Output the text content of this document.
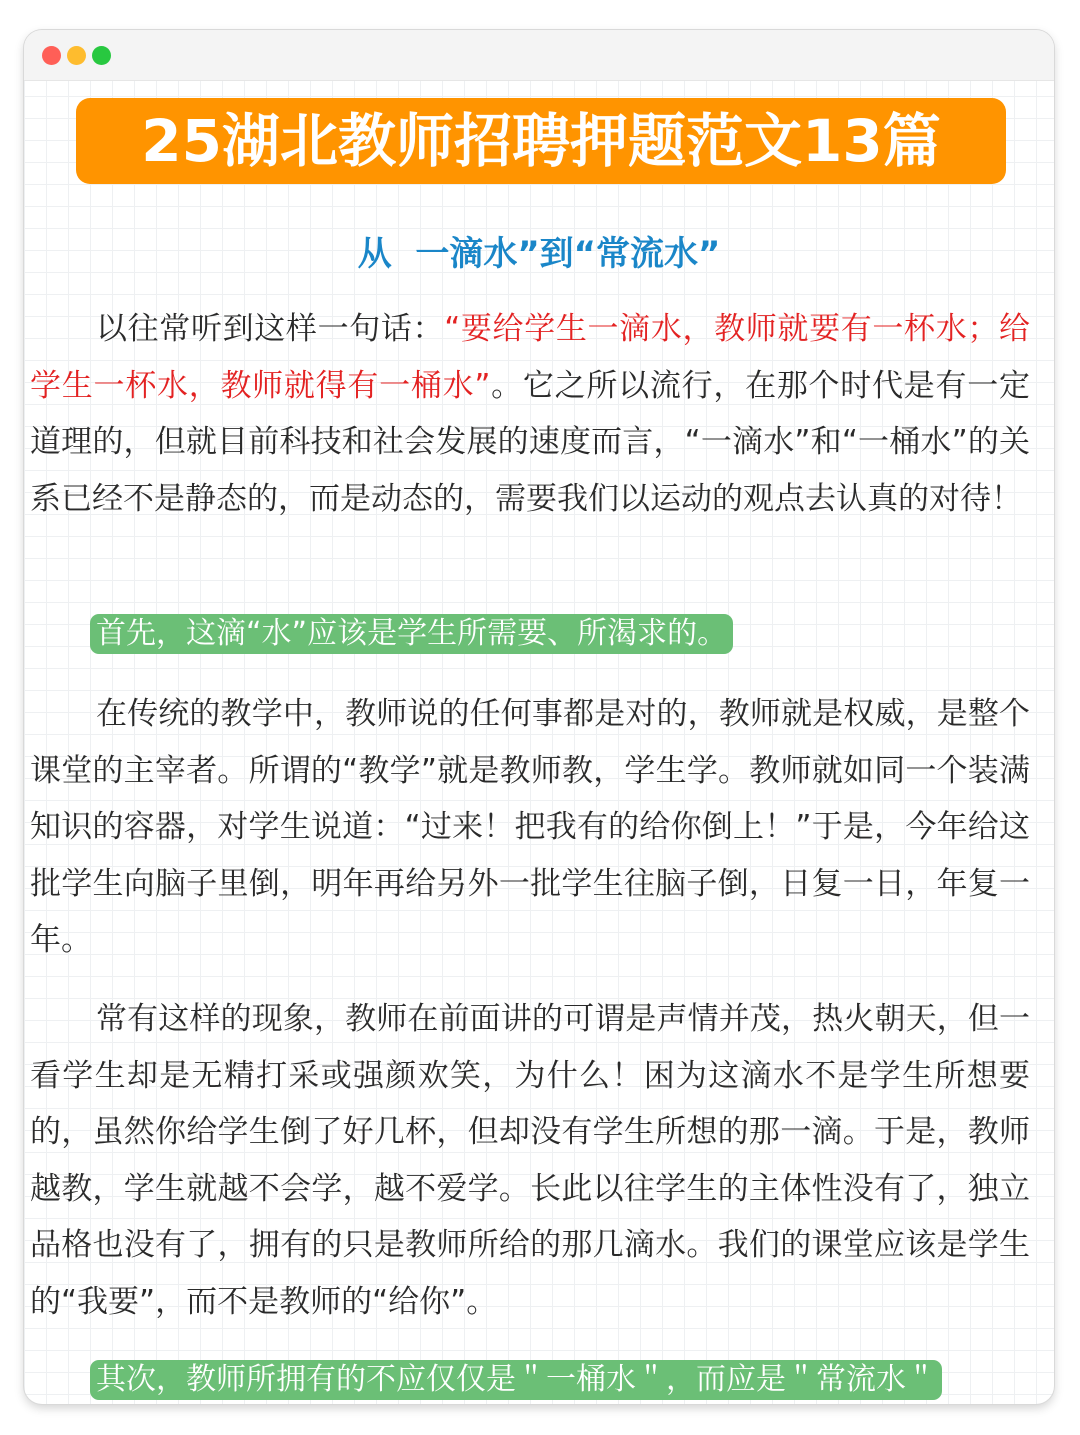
25湖北教师招聘押题范文13篇
从  一滴水”到“常流水”

以往常听到这样一句话：“要给学生一滴水，教师就要有一杯水；给学生一杯水，教师就得有一桶水”。它之所以流行，在那个时代是有一定道理的，但就目前科技和社会发展的速度而言，“一滴水”和“一桶水”的关系已经不是静态的，而是动态的，需要我们以运动的观点去认真的对待！

首先，这滴“水”应该是学生所需要、所渴求的。

在传统的教学中，教师说的任何事都是对的，教师就是权威，是整个课堂的主宰者。所谓的“教学”就是教师教，学生学。教师就如同一个装满知识的容器，对学生说道：“过来！把我有的给你倒上！”于是，今年给这批学生向脑子里倒，明年再给另外一批学生往脑子倒，日复一日，年复一年。

常有这样的现象，教师在前面讲的可谓是声情并茂，热火朝天，但一看学生却是无精打采或强颜欢笑，为什么！困为这滴水不是学生所想要的，虽然你给学生倒了好几杯，但却没有学生所想的那一滴。于是，教师越教，学生就越不会学，越不爱学。长此以往学生的主体性没有了，独立品格也没有了，拥有的只是教师所给的那几滴水。我们的课堂应该是学生的“我要”，而不是教师的“给你”。

其次，教师所拥有的不应仅仅是＂一桶水＂，而应是＂常流水＂
